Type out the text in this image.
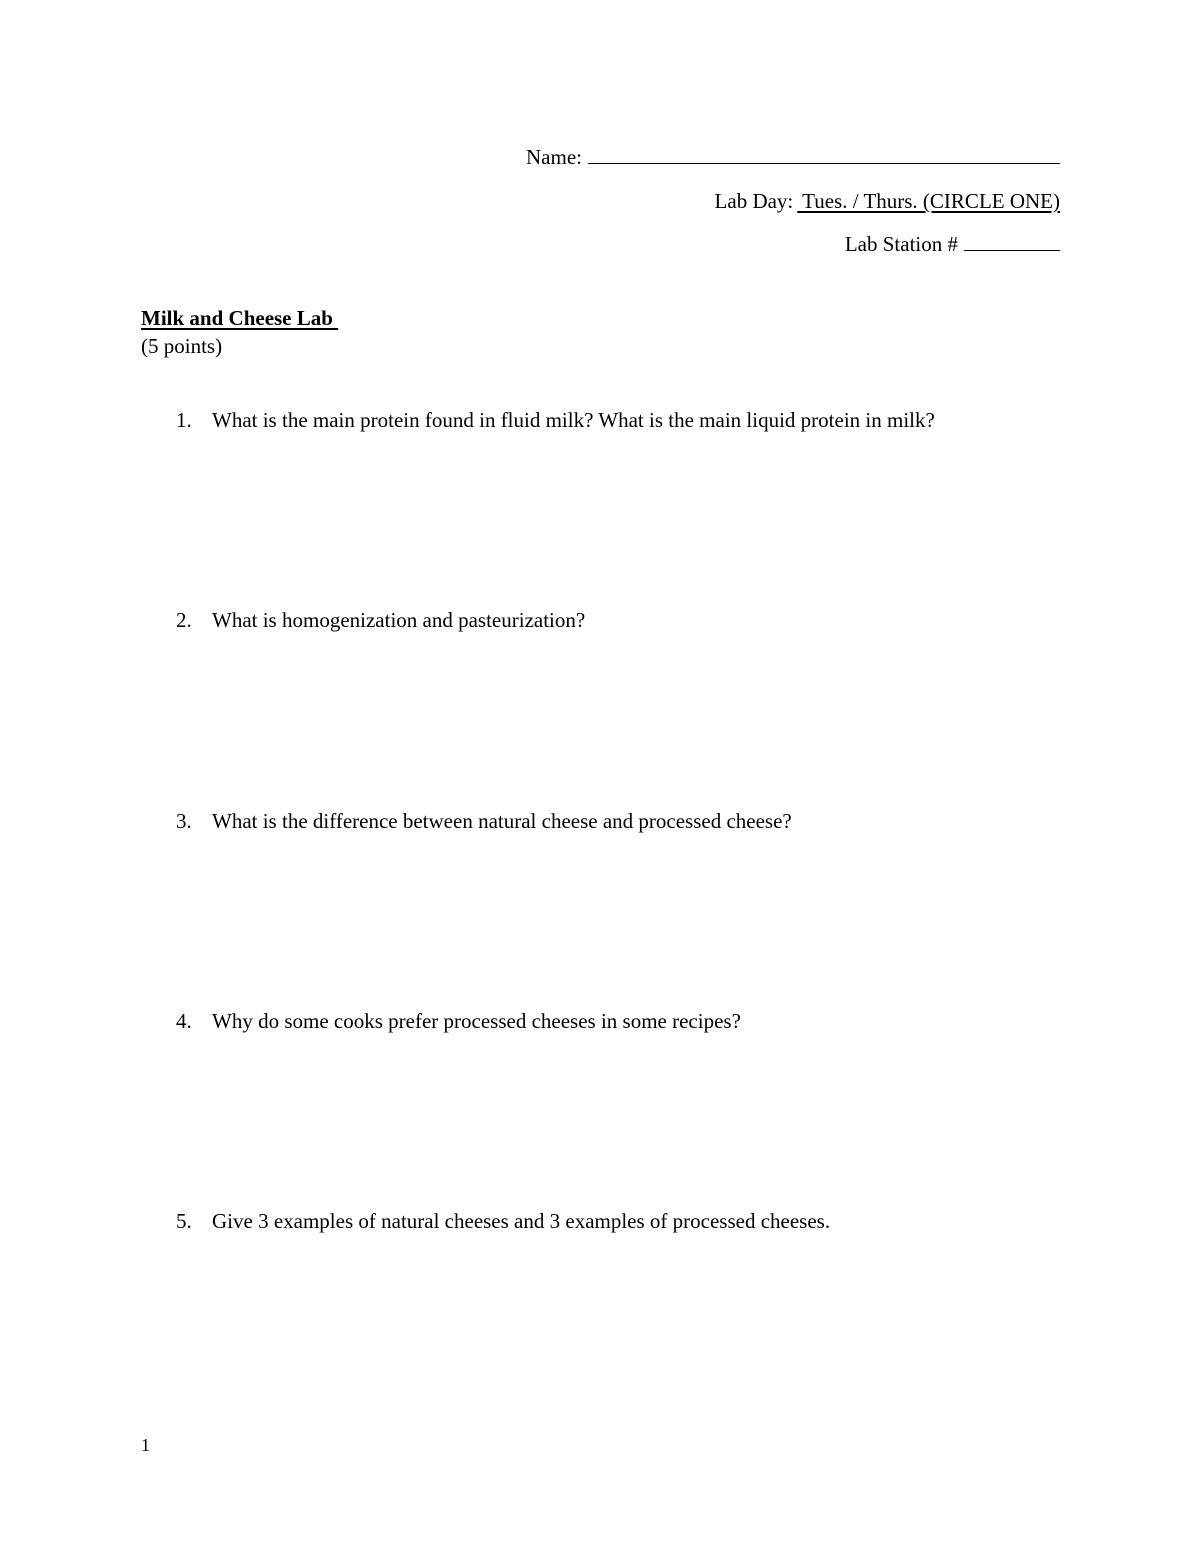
Name:
Lab Day: Tues. / Thurs. (CIRCLE ONE)
Lab Station #
Milk and Cheese Lab
(5 points)
1. What is the main protein found in fluid milk? What is the main liquid protein in milk?
2. What is homogenization and pasteurization?
3. What is the difference between natural cheese and processed cheese?
4. Why do some cooks prefer processed cheeses in some recipes?
5. Give 3 examples of natural cheeses and 3 examples of processed cheeses.
1
